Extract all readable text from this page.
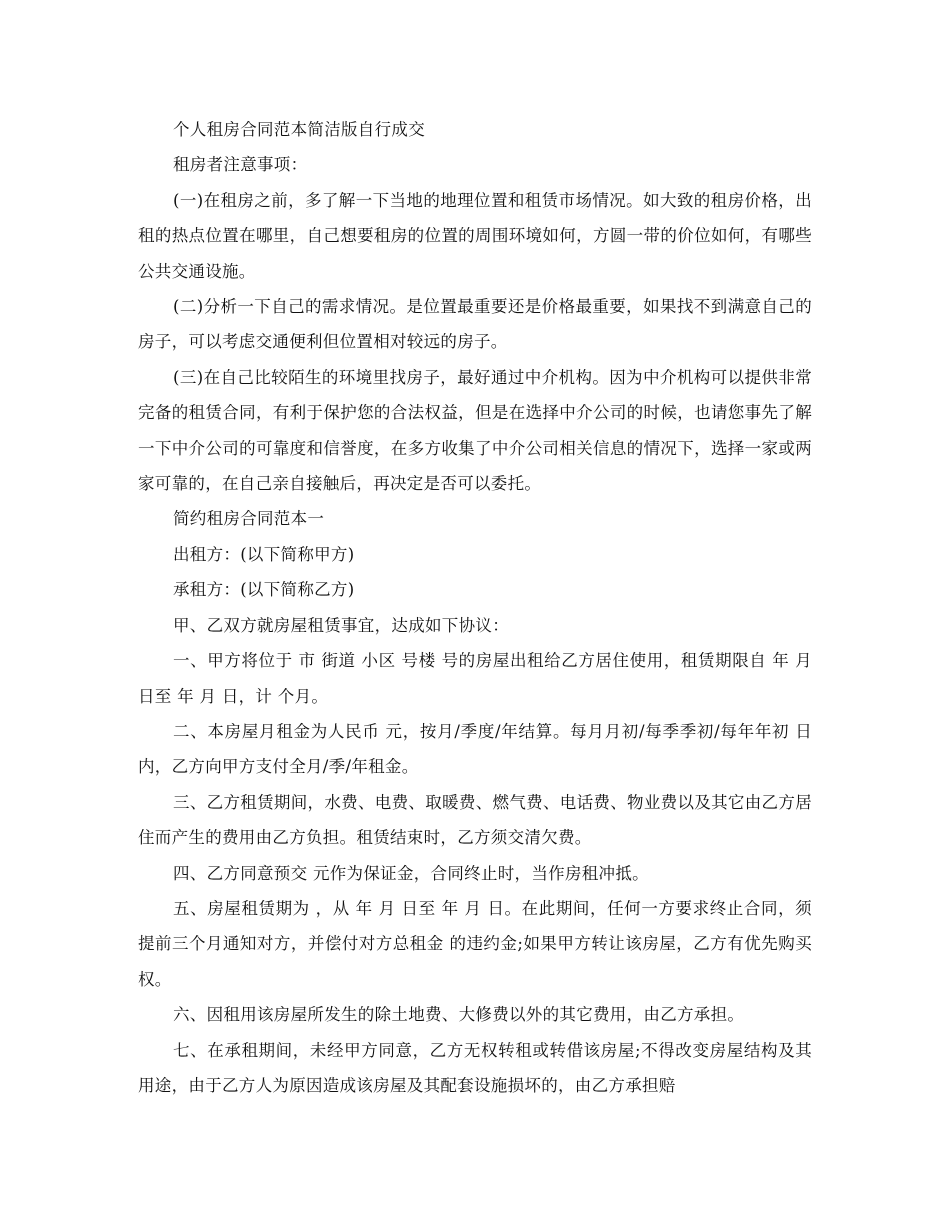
个人租房合同范本简洁版自行成交

租房者注意事项：

(一)在租房之前，多了解一下当地的地理位置和租赁市场情况。如大致的租房价格，出租的热点位置在哪里，自己想要租房的位置的周围环境如何，方圆一带的价位如何，有哪些公共交通设施。

(二)分析一下自己的需求情况。是位置最重要还是价格最重要，如果找不到满意自己的房子，可以考虑交通便利但位置相对较远的房子。

(三)在自己比较陌生的环境里找房子，最好通过中介机构。因为中介机构可以提供非常完备的租赁合同，有利于保护您的合法权益，但是在选择中介公司的时候，也请您事先了解一下中介公司的可靠度和信誉度，在多方收集了中介公司相关信息的情况下，选择一家或两家可靠的，在自己亲自接触后，再决定是否可以委托。

简约租房合同范本一

出租方：(以下简称甲方)

承租方：(以下简称乙方)

甲、乙双方就房屋租赁事宜，达成如下协议：

一、甲方将位于 市 街道 小区 号楼 号的房屋出租给乙方居住使用，租赁期限自 年 月 日至 年 月 日，计 个月。

二、本房屋月租金为人民币 元，按月/季度/年结算。每月月初/每季季初/每年年初 日内，乙方向甲方支付全月/季/年租金。

三、乙方租赁期间，水费、电费、取暖费、燃气费、电话费、物业费以及其它由乙方居住而产生的费用由乙方负担。租赁结束时，乙方须交清欠费。

四、乙方同意预交 元作为保证金，合同终止时，当作房租冲抵。

五、房屋租赁期为 ，从 年 月 日至 年 月 日。在此期间，任何一方要求终止合同，须提前三个月通知对方，并偿付对方总租金 的违约金;如果甲方转让该房屋，乙方有优先购买权。

六、因租用该房屋所发生的除土地费、大修费以外的其它费用，由乙方承担。

七、在承租期间，未经甲方同意，乙方无权转租或转借该房屋;不得改变房屋结构及其用途，由于乙方人为原因造成该房屋及其配套设施损坏的，由乙方承担赔
